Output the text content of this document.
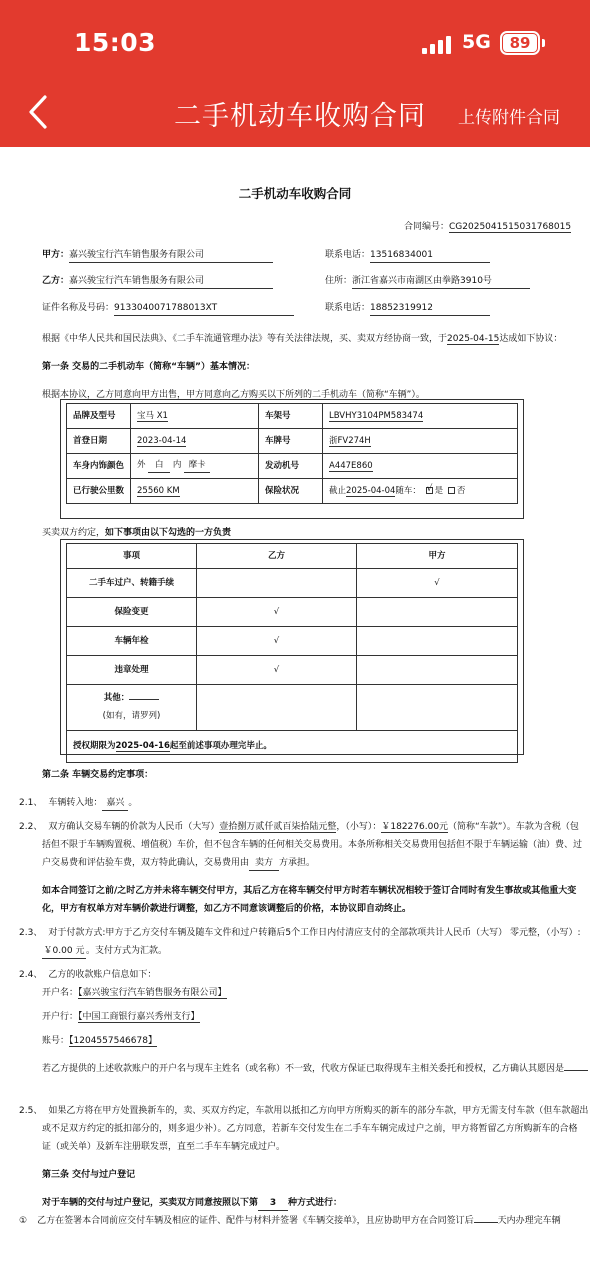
15:03	5G	89
二手机动车收购合同 上传附件合同
二手机动车收购合同
合同编号：CG2025041515031768015
甲方：嘉兴骏宝行汽车销售服务有限公司	联系电话：13516834001
乙方：嘉兴骏宝行汽车销售服务有限公司	住所：浙江省嘉兴市南湖区由拳路3910号
证件名称及号码：9133040071788013XT	联系电话：18852319912
根据《中华人民共和国民法典》、《二手车流通管理办法》等有关法律法规，买、卖双方经协商一致，于2025-04-15达成如下协议：
第一条 交易的二手机动车（简称“车辆”）基本情况：
根据本协议，乙方同意向甲方出售，甲方同意向乙方购买以下所列的二手机动车（简称“车辆”）。
品牌及型号	宝马 X1	车架号	LBVHY3104PM583474
首登日期	2023-04-14	车牌号	浙FV274H
车身内饰颜色	外 白 内 摩卡	发动机号	A447E860
已行驶公里数	25560 KM	保险状况	截止2025-04-04随车： √ 是 否
买卖双方约定，如下事项由以下勾选的一方负责
事项	乙方	甲方
二手车过户、转籍手续		√
保险变更	√	
车辆年检	√	
违章处理	√	

其他：
(如有，请罗列)		

授权期限为2025-04-16起至前述事项办理完毕止。		
第二条 车辆交易约定事项：
2.1、 车辆转入地： 嘉兴 。
2.2、 双方确认交易车辆的价款为人民币（大写）壹拾捌万贰仟贰百柒拾陆元整，（小写）：￥182276.00元（简称“车款”）。车款为含税（包
括但不限于车辆购置税、增值税）车价，但不包含车辆的任何相关交易费用。本条所称相关交易费用包括但不限于车辆运输（油）费、过
户交易费和评估验车费，双方特此确认，交易费用由 卖方 方承担。
如本合同签订之前/之时乙方并未将车辆交付甲方，其后乙方在将车辆交付甲方时若车辆状况相较于签订合同时有发生事故或其他重大变
化，甲方有权单方对车辆价款进行调整，如乙方不同意该调整后的价格，本协议即自动终止。
2.3、 对于付款方式:甲方于乙方交付车辆及随车文件和过户转籍后5个工作日内付清应支付的全部款项共计人民币（大写） 零元整，（小写）:
￥0.00 元 。支付方式为汇款。
2.4、 乙方的收款账户信息如下：
开户名：【嘉兴骏宝行汽车销售服务有限公司】
开户行：【中国工商银行嘉兴秀州支行】
账号：【1204557546678】
若乙方提供的上述收款账户的开户名与现车主姓名（或名称）不一致，代收方保证已取得现车主相关委托和授权，乙方确认其愿因是
2.5、 如果乙方将在甲方处置换新车的，卖、买双方约定，车款用以抵扣乙方向甲方所购买的新车的部分车款，甲方无需支付车款（但车款超出
或不足双方约定的抵扣部分的，则多退少补）。乙方同意，若新车交付发生在二手车车辆完成过户之前，甲方将暂留乙方所购新车的合格
证（或关单）及新车注册联发票，直至二手车车辆完成过户。
第三条 交付与过户登记
对于车辆的交付与过户登记，买卖双方同意按照以下第 3 种方式进行：
① 乙方在签署本合同前应交付车辆及相应的证件、配件与材料并签署《车辆交接单》，且应协助甲方在合同签订后	天内办理完车辆
